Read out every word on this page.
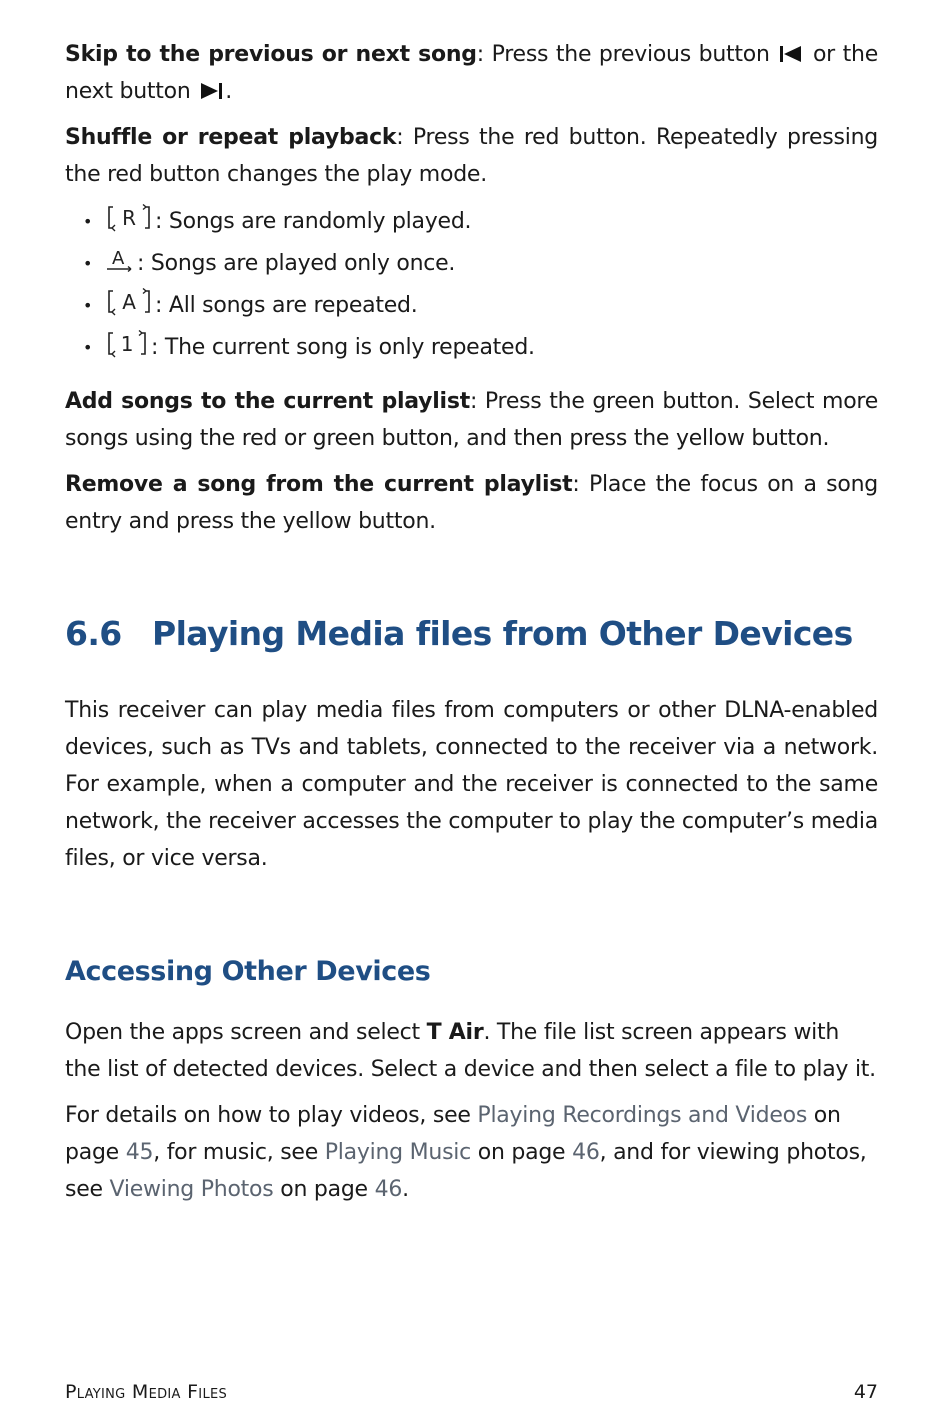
Skip to the previous or next song: Press the previous button  or the next button .

Shuffle or repeat playback: Press the red button. Repeatedly pressing the red button changes the play mode.

• R : Songs are randomly played.
• A : Songs are played only once.
• A : All songs are repeated.
• 1 : The current song is only repeated.

Add songs to the current playlist: Press the green button. Select more songs using the red or green button, and then press the yellow button.

Remove a song from the current playlist: Place the focus on a song entry and press the yellow button.

6.6 Playing Media files from Other Devices

This receiver can play media files from computers or other DLNA-enabled devices, such as TVs and tablets, connected to the receiver via a network. For example, when a computer and the receiver is connected to the same network, the receiver accesses the computer to play the computer’s media files, or vice versa.

Accessing Other Devices

Open the apps screen and select T Air. The file list screen appears with the list of detected devices. Select a device and then select a file to play it.

For details on how to play videos, see Playing Recordings and Videos on page 45, for music, see Playing Music on page 46, and for viewing photos, see Viewing Photos on page 46.

Playing Media Files	47
